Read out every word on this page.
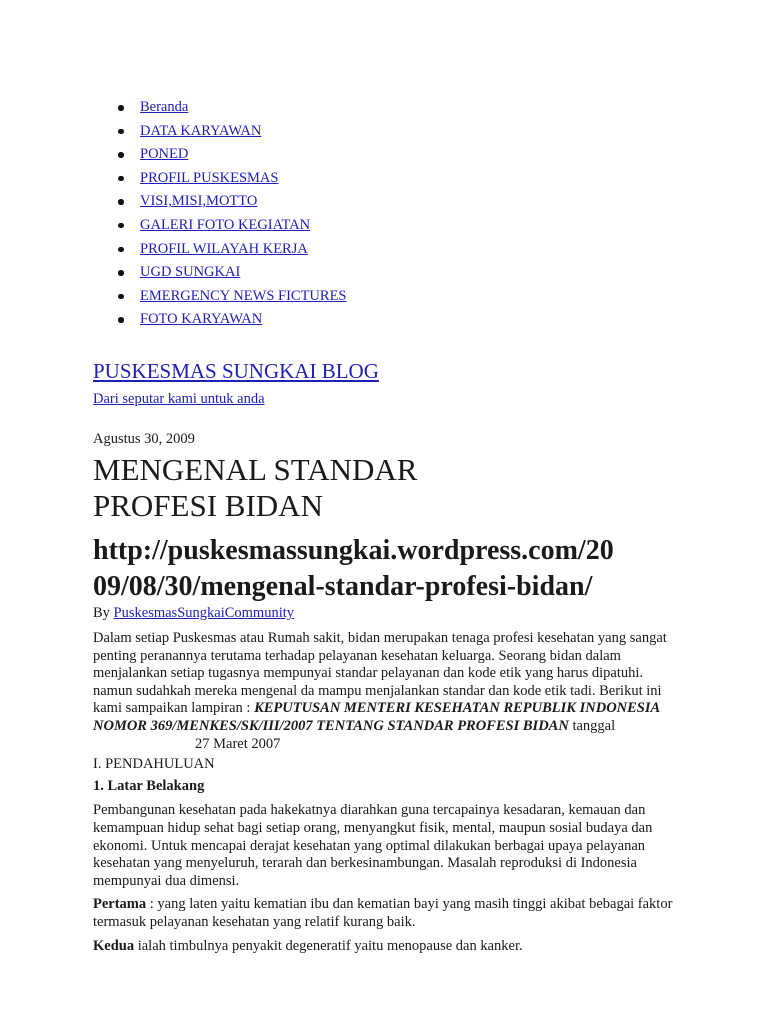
Beranda
DATA KARYAWAN
PONED
PROFIL PUSKESMAS
VISI,MISI,MOTTO
GALERI FOTO KEGIATAN
PROFIL WILAYAH KERJA
UGD SUNGKAI
EMERGENCY NEWS FICTURES
FOTO KARYAWAN
PUSKESMAS SUNGKAI BLOG
Dari seputar kami untuk anda
Agustus 30, 2009
MENGENAL STANDAR
PROFESI BIDAN
http://puskesmassungkai.wordpress.com/20
09/08/30/mengenal-standar-profesi-bidan/
By PuskesmasSungkaiCommunity

Dalam setiap Puskesmas atau Rumah sakit, bidan merupakan tenaga profesi kesehatan yang sangat penting peranannya terutama terhadap pelayanan kesehatan keluarga. Seorang bidan dalam menjalankan setiap tugasnya mempunyai standar pelayanan dan kode etik yang harus dipatuhi. namun sudahkah mereka mengenal da mampu menjalankan standar dan kode etik tadi. Berikut ini kami sampaikan lampiran : KEPUTUSAN MENTERI KESEHATAN REPUBLIK INDONESIA NOMOR 369/MENKES/SK/III/2007 TENTANG STANDAR PROFESI BIDAN tanggal27 Maret 2007

I. PENDAHULUAN

1. Latar Belakang

Pembangunan kesehatan pada hakekatnya diarahkan guna tercapainya kesadaran, kemauan dan kemampuan hidup sehat bagi setiap orang, menyangkut fisik, mental, maupun sosial budaya dan ekonomi. Untuk mencapai derajat kesehatan yang optimal dilakukan berbagai upaya pelayanan kesehatan yang menyeluruh, terarah dan berkesinambungan. Masalah reproduksi di Indonesia mempunyai dua dimensi.

Pertama : yang laten yaitu kematian ibu dan kematian bayi yang masih tinggi akibat bebagai faktor termasuk pelayanan kesehatan yang relatif kurang baik.

Kedua ialah timbulnya penyakit degeneratif yaitu menopause dan kanker.
